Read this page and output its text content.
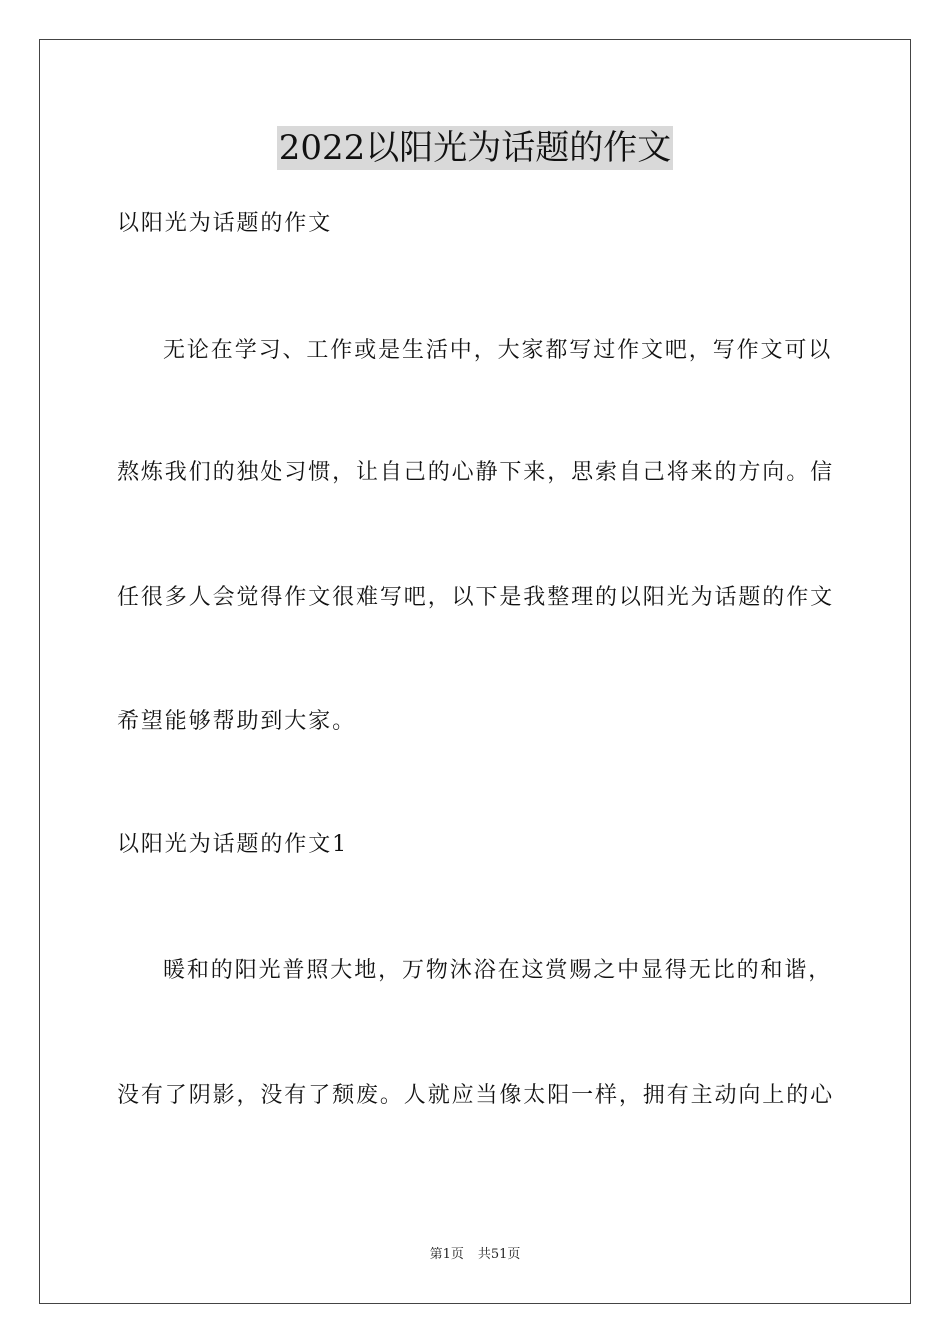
2022以阳光为话题的作文
以阳光为话题的作文
无论在学习、工作或是生活中，大家都写过作文吧，写作文可以
熬炼我们的独处习惯，让自己的心静下来，思索自己将来的方向。信
任很多人会觉得作文很难写吧，以下是我整理的以阳光为话题的作文
希望能够帮助到大家。
以阳光为话题的作文1
暖和的阳光普照大地，万物沐浴在这赏赐之中显得无比的和谐，
没有了阴影，没有了颓废。人就应当像太阳一样，拥有主动向上的心
第1页 共51页
